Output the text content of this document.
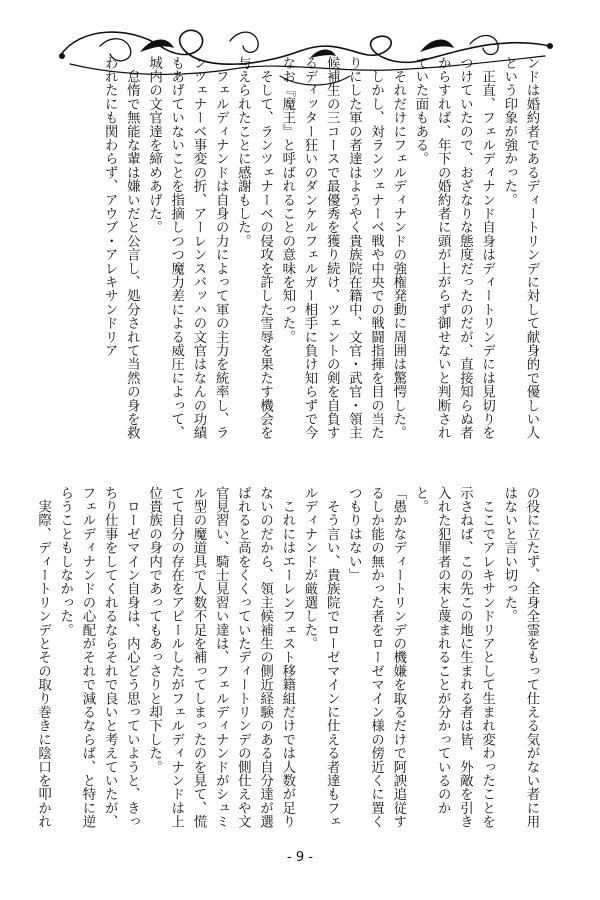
ンドは婚約者であるディートリンデに対して献身的で優しい人という印象が強かった。

　正直、フェルディナンド自身はディートリンデには見切りをつけていたので、おざなりな態度だったのだが、直接知らぬ者からすれば、年下の婚約者に頭が上がらず御せないと判断されていた面もある。

　それだけにフェルディナンドの強権発動に周囲は驚愕した。

　しかし、対ランツェナーベ戦や中央での戦闘指揮を目の当たりにした軍の者達はようやく貴族院在籍中、文官・武官・領主候補生の三コースで最優秀を獲り続け、ツェントの剣を自負するディッター狂いのダンケルフェルガー相手に負け知らずで今なお『魔王』と呼ばれることの意味を知った。

　そして、ランツェナーベの侵攻を許した雪辱を果たす機会を与えられたことに感謝もした。

　フェルディナンドは自身の力によって軍の主力を統率し、ランツェナーベ事変の折、アーレンスバッハの文官はなんの功績もあげていないことを指摘しつつ魔力差による威圧によって、城内の文官達を締めあげた。

　怠惰で無能な輩は嫌いだと公言し、処分されて当然の身を救われたにも関わらず、アウブ・アレキサンドリア

の役に立たず、全身全霊をもって仕える気がない者に用はないと言い切った。

　ここでアレキサンドリアとして生まれ変わったことを示さねば、この先この地に生まれる者は皆、外敵を引き入れた犯罪者の末と蔑まれることが分かっているのかと。

「愚かなディートリンデの機嫌を取るだけで阿諛追従するしか能の無かった者をローゼマイン様の傍近くに置くつもりはない」

　そう言い、貴族院でローゼマインに仕える者達もフェルディナンドが厳選した。

　これにはエーレンフェスト移籍組だけでは人数が足りないのだから、領主候補生の側近経験のある自分達が選ばれると高をくくっていたディートリンデの側仕えや文官見習い、騎士見習い達は、フェルディナンドがシュミル型の魔道具で人数不足を補ってしまったのを見て、慌てて自分の存在をアピールしたがフェルディナンドは上位貴族の身内であってもあっさりと却下した。

　ローゼマイン自身は、内心どう思っていようと、きっちり仕事をしてくれるならそれで良いと考えていたが、フェルディナンドの心配がそれで減るならば、と特に逆らうこともしなかった。

　実際、ディートリンデとその取り巻きに陰口を叩かれ

- 9 -
